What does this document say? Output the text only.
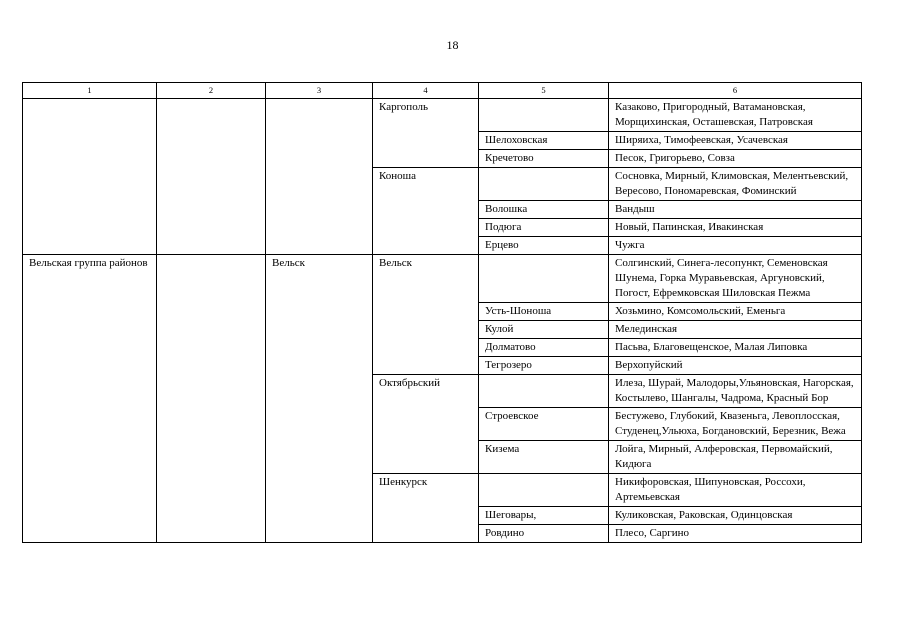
18
1	2	3	4	5	6
			Каргополь		Казаково, Пригородный, Ватамановская, Морщихинская, Осташевская, Патровская
				Шелоховская	Ширяиха, Тимофеевская, Усачевская
				Кречетово	Песок, Григорьево, Совза
			Коноша		Сосновка, Мирный, Климовская, Мелентьевский, Вересово, Пономаревская, Фоминский
				Волошка	Вандыш
				Подюга	Новый, Папинская, Ивакинская
				Ерцево	Чужга
Вельская группа районов		Вельск	Вельск		Солгинский, Синега-лесопункт, Семеновская Шунема, Горка Муравьевская, Аргуновский, Погост, Ефремковская Шиловская Пежма
				Усть-Шоноша	Хозьмино, Комсомольский, Еменьга
				Кулой	Мелединская
				Долматово	Пасьва, Благовещенское, Малая Липовка
				Тегрозеро	Верхопуйский
			Октябрьский		Илеза, Шурай, Малодоры,Ульяновская, Нагорская, Костылево, Шангалы, Чадрома, Красный Бор
				Строевское	Бестужево, Глубокий, Квазеньга, Левоплосская, Студенец,Ульюха, Богдановский, Березник, Вежа
				Кизема	Лойга, Мирный, Алферовская, Первомайский, Кидюга
			Шенкурск		Никифоровская, Шипуновская, Россохи, Артемьевская
				Шеговары,	Куликовская, Раковская, Одинцовская
				Ровдино	Плесо, Саргино
